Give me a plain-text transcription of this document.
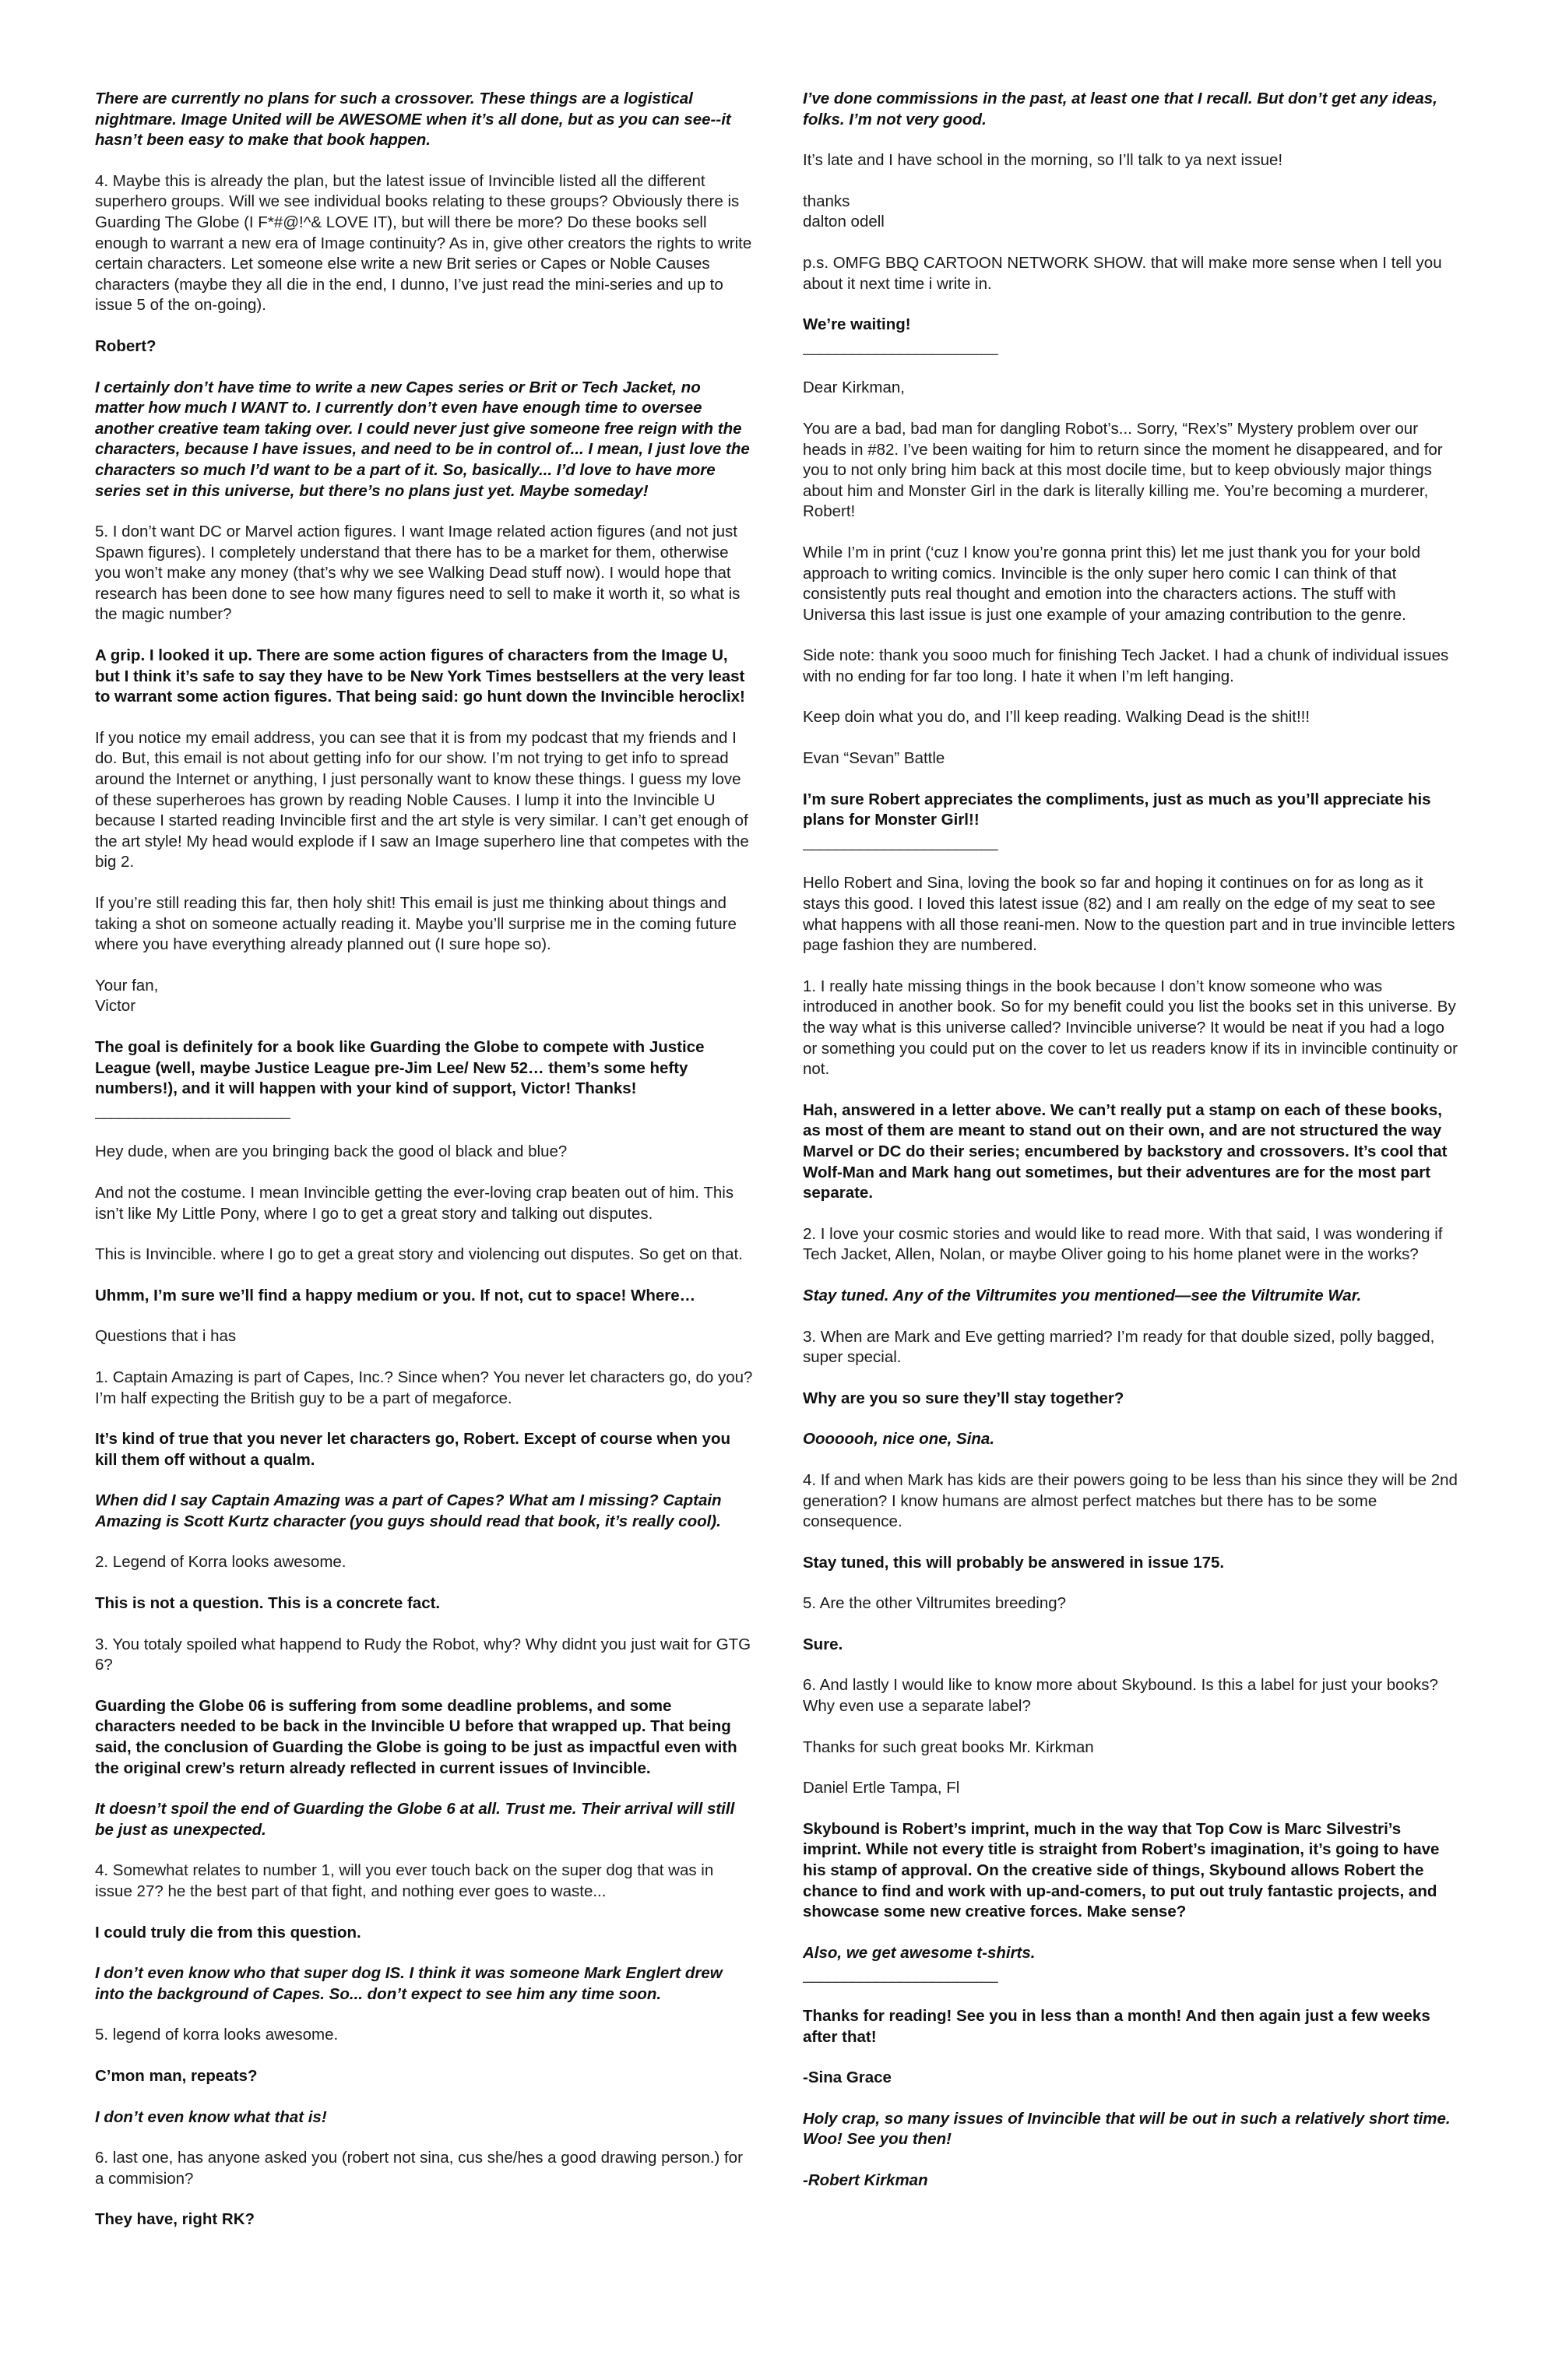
There are currently no plans for such a crossover. These things are a logistical nightmare. Image United will be AWESOME when it’s all done, but as you can see--it hasn’t been easy to make that book happen.

4. Maybe this is already the plan, but the latest issue of Invincible listed all the different superhero groups. Will we see individual books relating to these groups? Obviously there is Guarding The Globe (I F*#@!^& LOVE IT), but will there be more? Do these books sell enough to warrant a new era of Image continuity? As in, give other creators the rights to write certain characters. Let someone else write a new Brit series or Capes or Noble Causes characters (maybe they all die in the end, I dunno, I’ve just read the mini-series and up to issue 5 of the on-going).

Robert?

I certainly don’t have time to write a new Capes series or Brit or Tech Jacket, no matter how much I WANT to. I currently don’t even have enough time to oversee another creative team taking over. I could never just give someone free reign with the characters, because I have issues, and need to be in control of... I mean, I just love the characters so much I’d want to be a part of it. So, basically... I’d love to have more series set in this universe, but there’s no plans just yet. Maybe someday!

5. I don’t want DC or Marvel action figures. I want Image related action figures (and not just Spawn figures). I completely understand that there has to be a market for them, otherwise you won’t make any money (that’s why we see Walking Dead stuff now). I would hope that research has been done to see how many figures need to sell to make it worth it, so what is the magic number?

A grip. I looked it up. There are some action figures of characters from the Image U, but I think it’s safe to say they have to be New York Times bestsellers at the very least to warrant some action figures. That being said: go hunt down the Invincible heroclix!

If you notice my email address, you can see that it is from my podcast that my friends and I do. But, this email is not about getting info for our show. I’m not trying to get info to spread around the Internet or anything, I just personally want to know these things. I guess my love of these superheroes has grown by reading Noble Causes. I lump it into the Invincible U because I started reading Invincible first and the art style is very similar. I can’t get enough of the art style! My head would explode if I saw an Image superhero line that competes with the big 2.

If you’re still reading this far, then holy shit! This email is just me thinking about things and taking a shot on someone actually reading it. Maybe you’ll surprise me in the coming future where you have everything already planned out (I sure hope so).

Your fan,
Victor

The goal is definitely for a book like Guarding the Globe to compete with Justice League (well, maybe Justice League pre-Jim Lee/ New 52… them’s some hefty numbers!), and it will happen with your kind of support, Victor! Thanks!

________________________

Hey dude, when are you bringing back the good ol black and blue?

And not the costume. I mean Invincible getting the ever-loving crap beaten out of him. This isn’t like My Little Pony, where I go to get a great story and talking out disputes.

This is Invincible. where I go to get a great story and violencing out disputes. So get on that.

Uhmm, I’m sure we’ll find a happy medium or you. If not, cut to space! Where…

Questions that i has

1. Captain Amazing is part of Capes, Inc.? Since when? You never let characters go, do you? I’m half expecting the British guy to be a part of megaforce.

It’s kind of true that you never let characters go, Robert. Except of course when you kill them off without a qualm.

When did I say Captain Amazing was a part of Capes? What am I missing? Captain Amazing is Scott Kurtz character (you guys should read that book, it’s really cool).

2. Legend of Korra looks awesome.

This is not a question. This is a concrete fact.

3. You totaly spoiled what happend to Rudy the Robot, why? Why didnt you just wait for GTG 6?

Guarding the Globe 06 is suffering from some deadline problems, and some characters needed to be back in the Invincible U before that wrapped up. That being said, the conclusion of Guarding the Globe is going to be just as impactful even with the original crew’s return already reflected in current issues of Invincible.

It doesn’t spoil the end of Guarding the Globe 6 at all. Trust me. Their arrival will still be just as unexpected.

4. Somewhat relates to number 1, will you ever touch back on the super dog that was in issue 27? he the best part of that fight, and nothing ever goes to waste...

I could truly die from this question.

I don’t even know who that super dog IS. I think it was someone Mark Englert drew into the background of Capes. So... don’t expect to see him any time soon.

5. legend of korra looks awesome.

C’mon man, repeats?

I don’t even know what that is!

6. last one, has anyone asked you (robert not sina, cus she/hes a good drawing person.) for a commision?

They have, right RK?

I’ve done commissions in the past, at least one that I recall. But don’t get any ideas, folks. I’m not very good.

It’s late and I have school in the morning, so I’ll talk to ya next issue!

thanks
dalton odell

p.s. OMFG BBQ CARTOON NETWORK SHOW. that will make more sense when I tell you about it next time i write in.

We’re waiting!

________________________

Dear Kirkman,

You are a bad, bad man for dangling Robot’s... Sorry, “Rex’s” Mystery problem over our heads in #82. I’ve been waiting for him to return since the moment he disappeared, and for you to not only bring him back at this most docile time, but to keep obviously major things about him and Monster Girl in the dark is literally killing me. You’re becoming a murderer, Robert!

While I’m in print (‘cuz I know you’re gonna print this) let me just thank you for your bold approach to writing comics. Invincible is the only super hero comic I can think of that consistently puts real thought and emotion into the characters actions. The stuff with Universa this last issue is just one example of your amazing contribution to the genre.

Side note: thank you sooo much for finishing Tech Jacket. I had a chunk of individual issues with no ending for far too long. I hate it when I’m left hanging.

Keep doin what you do, and I’ll keep reading. Walking Dead is the shit!!!

Evan “Sevan” Battle

I’m sure Robert appreciates the compliments, just as much as you’ll appreciate his plans for Monster Girl!!

________________________

Hello Robert and Sina, loving the book so far and hoping it continues on for as long as it stays this good. I loved this latest issue (82) and I am really on the edge of my seat to see what happens with all those reani-men. Now to the question part and in true invincible letters page fashion they are numbered.

1. I really hate missing things in the book because I don’t know someone who was introduced in another book. So for my benefit could you list the books set in this universe. By the way what is this universe called? Invincible universe? It would be neat if you had a logo or something you could put on the cover to let us readers know if its in invincible continuity or not.

Hah, answered in a letter above. We can’t really put a stamp on each of these books, as most of them are meant to stand out on their own, and are not structured the way Marvel or DC do their series; encumbered by backstory and crossovers. It’s cool that Wolf-Man and Mark hang out sometimes, but their adventures are for the most part separate.

2. I love your cosmic stories and would like to read more. With that said, I was wondering if Tech Jacket, Allen, Nolan, or maybe Oliver going to his home planet were in the works?

Stay tuned. Any of the Viltrumites you mentioned—see the Viltrumite War.

3. When are Mark and Eve getting married? I’m ready for that double sized, polly bagged, super special.

Why are you so sure they’ll stay together?

Ooooooh, nice one, Sina.

4. If and when Mark has kids are their powers going to be less than his since they will be 2nd generation? I know humans are almost perfect matches but there has to be some consequence.

Stay tuned, this will probably be answered in issue 175.

5. Are the other Viltrumites breeding?

Sure.

6. And lastly I would like to know more about Skybound. Is this a label for just your books? Why even use a separate label?

Thanks for such great books Mr. Kirkman

Daniel Ertle Tampa, Fl

Skybound is Robert’s imprint, much in the way that Top Cow is Marc Silvestri’s imprint. While not every title is straight from Robert’s imagination, it’s going to have his stamp of approval. On the creative side of things, Skybound allows Robert the chance to find and work with up-and-comers, to put out truly fantastic projects, and showcase some new creative forces. Make sense?

Also, we get awesome t-shirts.

________________________

Thanks for reading! See you in less than a month! And then again just a few weeks after that!

-Sina Grace

Holy crap, so many issues of Invincible that will be out in such a relatively short time. Woo! See you then!

-Robert Kirkman
